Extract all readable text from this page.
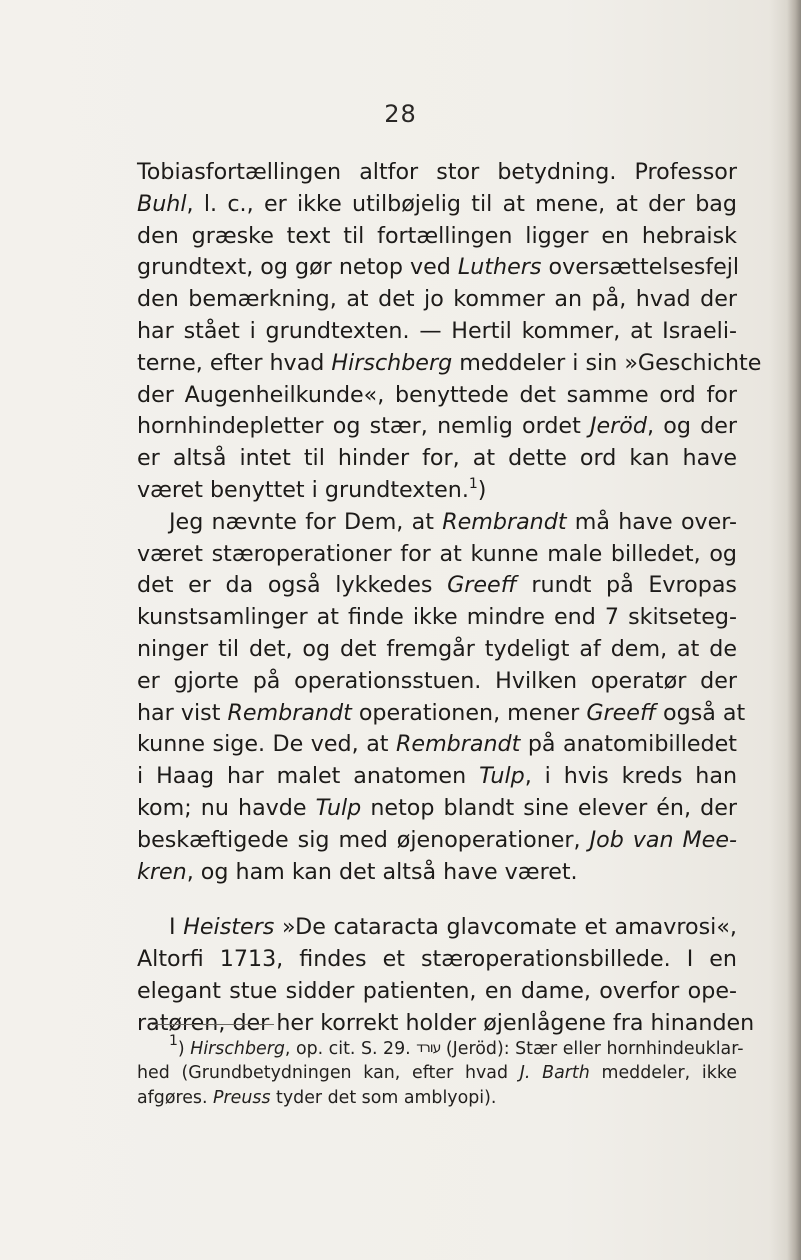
28
Tobiasfortællingen altfor stor betydning. Professor
Buhl, l. c., er ikke utilbøjelig til at mene, at der bag
den græske text til fortællingen ligger en hebraisk
grundtext, og gør netop ved Luthers oversættelsesfejl
den bemærkning, at det jo kommer an på, hvad der
har stået i grundtexten. — Hertil kommer, at Israeli-
terne, efter hvad Hirschberg meddeler i sin »Geschichte
der Augenheilkunde«, benyttede det samme ord for
hornhindepletter og stær, nemlig ordet Jeröd, og der
er altså intet til hinder for, at dette ord kan have
været benyttet i grundtexten.$^1$)
Jeg nævnte for Dem, at Rembrandt må have over-
været stæroperationer for at kunne male billedet, og
det er da også lykkedes Greeff rundt på Evropas
kunstsamlinger at finde ikke mindre end 7 skitseteg-
ninger til det, og det fremgår tydeligt af dem, at de
er gjorte på operationsstuen. Hvilken operatør der
har vist Rembrandt operationen, mener Greeff også at
kunne sige. De ved, at Rembrandt på anatomibilledet
i Haag har malet anatomen Tulp, i hvis kreds han
kom; nu havde Tulp netop blandt sine elever én, der
beskæftigede sig med øjenoperationer, Job van Mee-
kren, og ham kan det altså have været.
I Heisters »De cataracta glavcomate et amavrosi«,
Altorfi 1713, findes et stæroperationsbillede. I en
elegant stue sidder patienten, en dame, overfor ope-
ratøren, der her korrekt holder øjenlågene fra hinanden
$^1$) Hirschberg, op. cit. S. 29. עורד (Jeröd): Stær eller hornhindeuklar-
hed (Grundbetydningen kan, efter hvad J. Barth meddeler, ikke
afgøres. Preuss tyder det som amblyopi).
